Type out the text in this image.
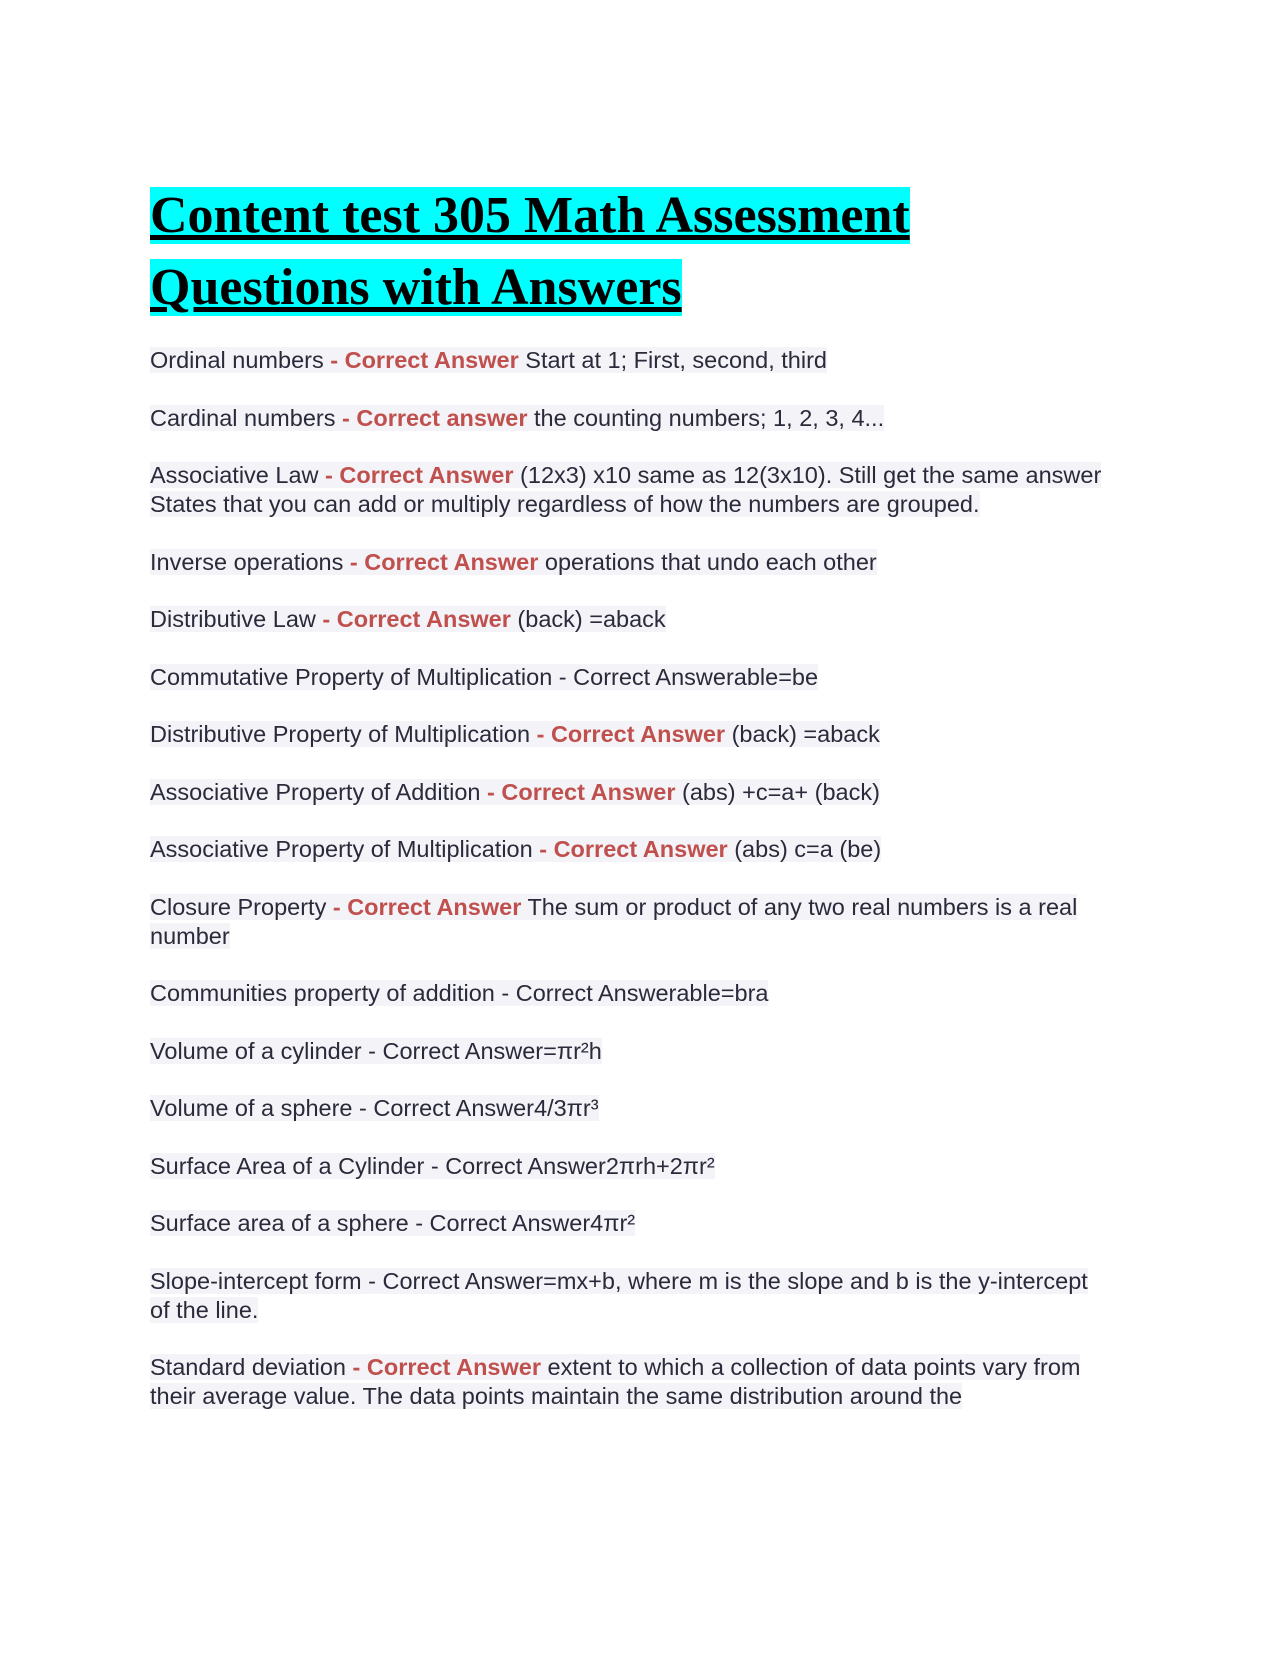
Content test 305 Math Assessment
Questions with Answers

Ordinal numbers - Correct Answer Start at 1; First, second, third

Cardinal numbers - Correct answer the counting numbers; 1, 2, 3, 4...

Associative Law - Correct Answer (12x3) x10 same as 12(3x10). Still get the same answer
States that you can add or multiply regardless of how the numbers are grouped.

Inverse operations - Correct Answer operations that undo each other

Distributive Law - Correct Answer (back) =aback

Commutative Property of Multiplication - Correct Answerable=be

Distributive Property of Multiplication - Correct Answer (back) =aback

Associative Property of Addition - Correct Answer (abs) +c=a+ (back)

Associative Property of Multiplication - Correct Answer (abs) c=a (be)

Closure Property - Correct Answer The sum or product of any two real numbers is a real number

Communities property of addition - Correct Answerable=bra

Volume of a cylinder - Correct Answer=πr²h

Volume of a sphere - Correct Answer4/3πr³

Surface Area of a Cylinder - Correct Answer2πrh+2πr²

Surface area of a sphere - Correct Answer4πr²

Slope-intercept form - Correct Answer=mx+b, where m is the slope and b is the y-intercept of the line.

Standard deviation - Correct Answer extent to which a collection of data points vary from their average value. The data points maintain the same distribution around the
